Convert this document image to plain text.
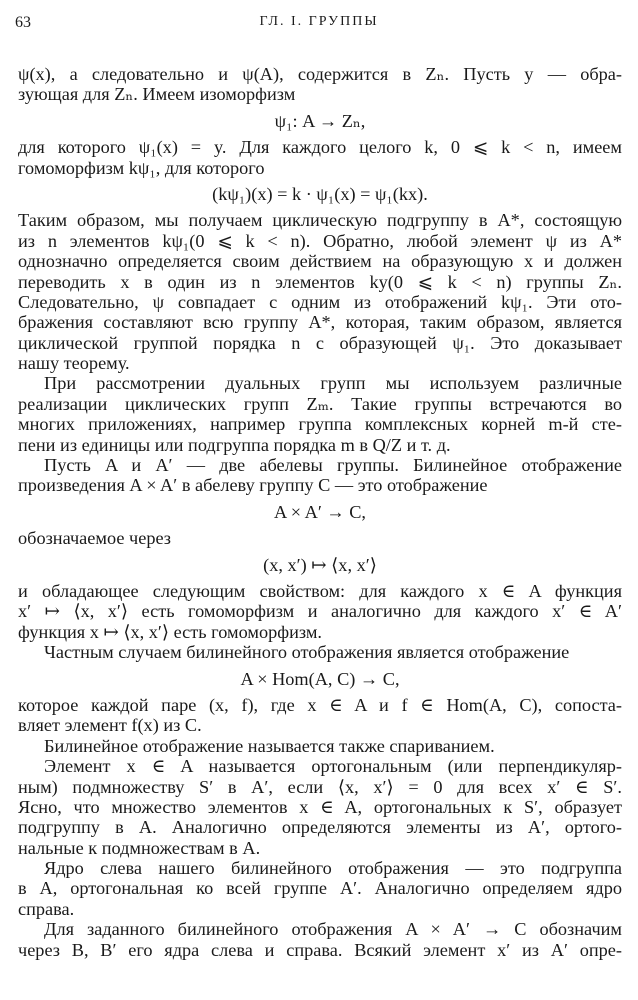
63	ГЛ. I. ГРУППЫ
ψ(x), а следовательно и ψ(A), содержится в Zₙ. Пусть y — обра-
зующая для Zₙ. Имеем изоморфизм
ψ₁: A → Zₙ,
для которого ψ₁(x) = y. Для каждого целого k, 0 ⩽ k < n, имеем
гомоморфизм kψ₁, для которого
(kψ₁)(x) = k · ψ₁(x) = ψ₁(kx).
Таким образом, мы получаем циклическую подгруппу в A*, состоящую
из n элементов kψ₁(0 ⩽ k < n). Обратно, любой элемент ψ из A*
однозначно определяется своим действием на образующую x и должен
переводить x в один из n элементов ky(0 ⩽ k < n) группы Zₙ.
Следовательно, ψ совпадает с одним из отображений kψ₁. Эти ото-
бражения составляют всю группу A*, которая, таким образом, является
циклической группой порядка n с образующей ψ₁. Это доказывает
нашу теорему.
При рассмотрении дуальных групп мы используем различные
реализации циклических групп Zₘ. Такие группы встречаются во
многих приложениях, например группа комплексных корней m-й сте-
пени из единицы или подгруппа порядка m в Q/Z и т. д.
Пусть A и A′ — две абелевы группы. Билинейное отображение
произведения A × A′ в абелеву группу C — это отображение
A × A′ → C,
обозначаемое через
(x, x′) ↦ ⟨x, x′⟩
и обладающее следующим свойством: для каждого x ∈ A функция
x′ ↦ ⟨x, x′⟩ есть гомоморфизм и аналогично для каждого x′ ∈ A′
функция x ↦ ⟨x, x′⟩ есть гомоморфизм.
Частным случаем билинейного отображения является отображение
A × Hom(A, C) → C,
которое каждой паре (x, f), где x ∈ A и f ∈ Hom(A, C), сопоста-
вляет элемент f(x) из C.
Билинейное отображение называется также спариванием.
Элемент x ∈ A называется ортогональным (или перпендикуляр-
ным) подмножеству S′ в A′, если ⟨x, x′⟩ = 0 для всех x′ ∈ S′.
Ясно, что множество элементов x ∈ A, ортогональных к S′, образует
подгруппу в A. Аналогично определяются элементы из A′, ортого-
нальные к подмножествам в A.
Ядро слева нашего билинейного отображения — это подгруппа
в A, ортогональная ко всей группе A′. Аналогично определяем ядро
справа.
Для заданного билинейного отображения A × A′ → C обозначим
через B, B′ его ядра слева и справа. Всякий элемент x′ из A′ опре-
